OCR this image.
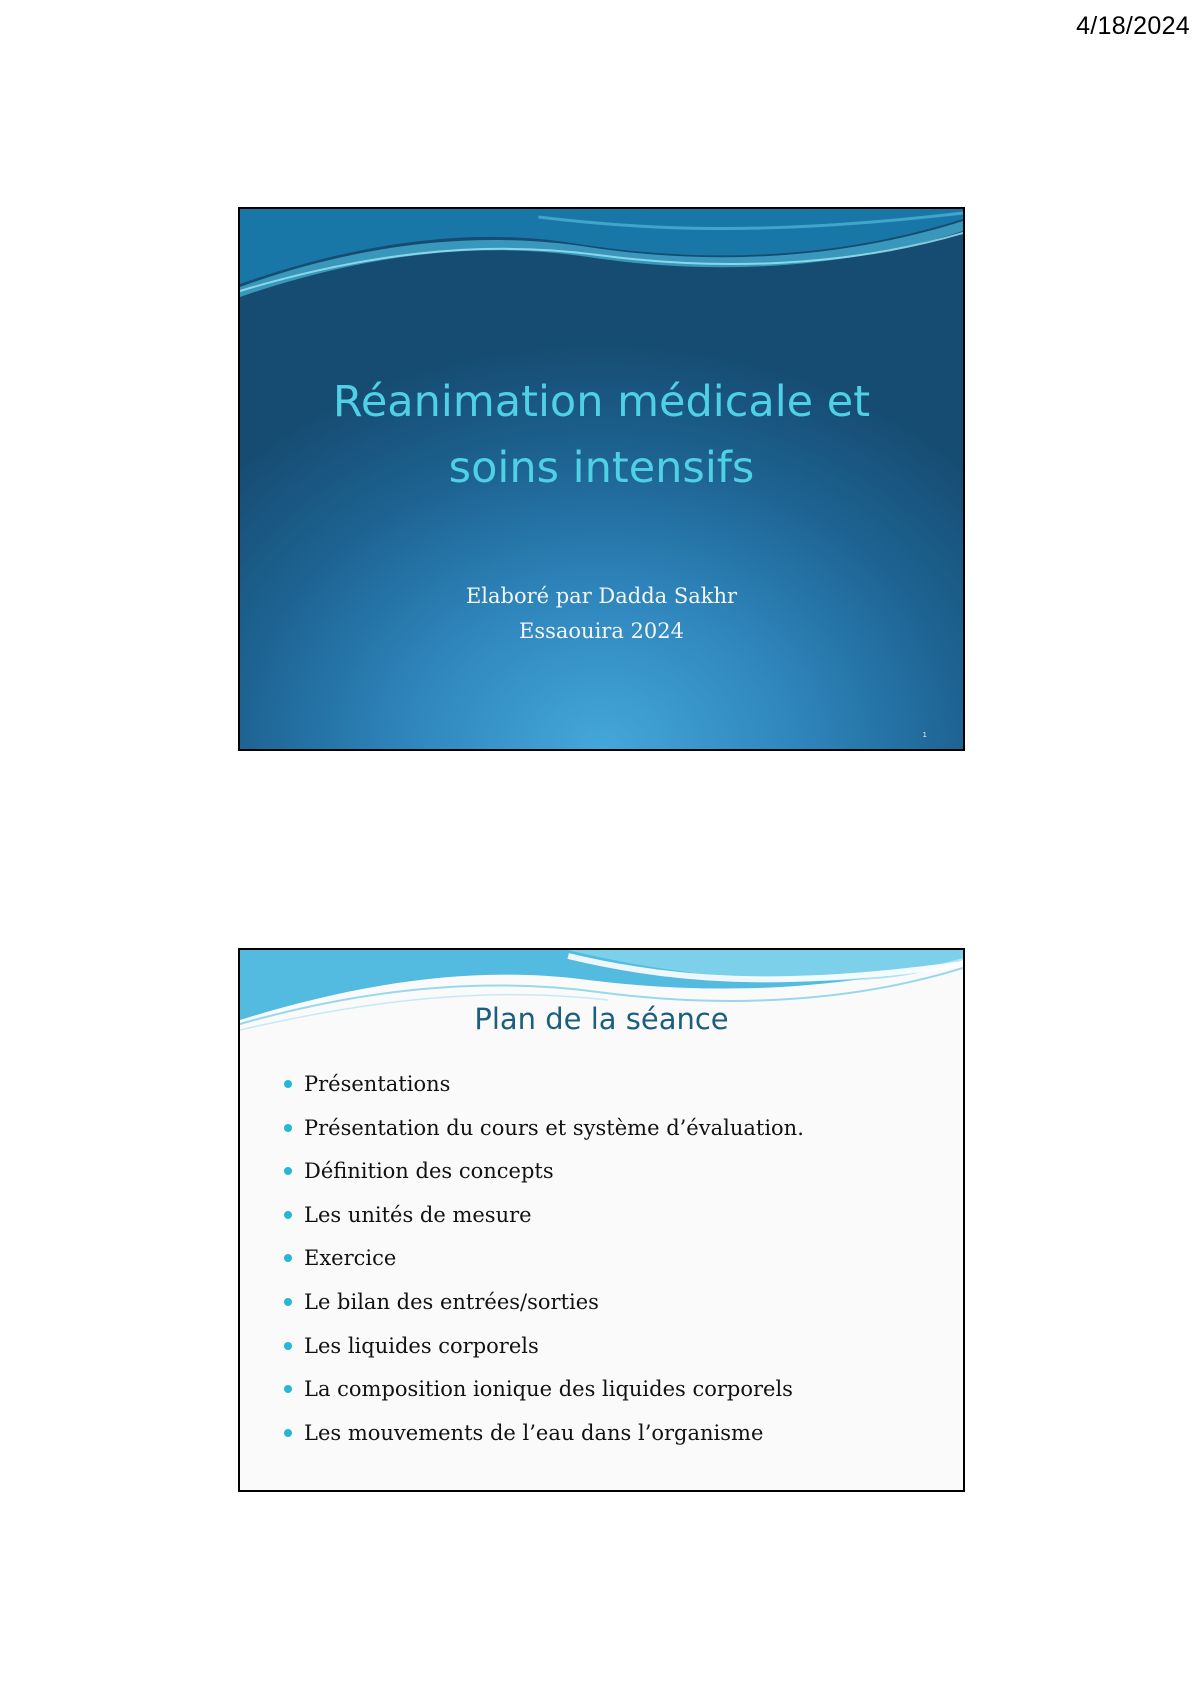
4/18/2024
Réanimation médicale et
soins intensifs
Elaboré par Dadda Sakhr
Essaouira 2024
1
Plan de la séance
Présentations
Présentation du cours et système d’évaluation.
Définition des concepts
Les unités de mesure
Exercice
Le bilan des entrées/sorties
Les liquides corporels
La composition ionique des liquides corporels
Les mouvements de l’eau dans l’organisme
